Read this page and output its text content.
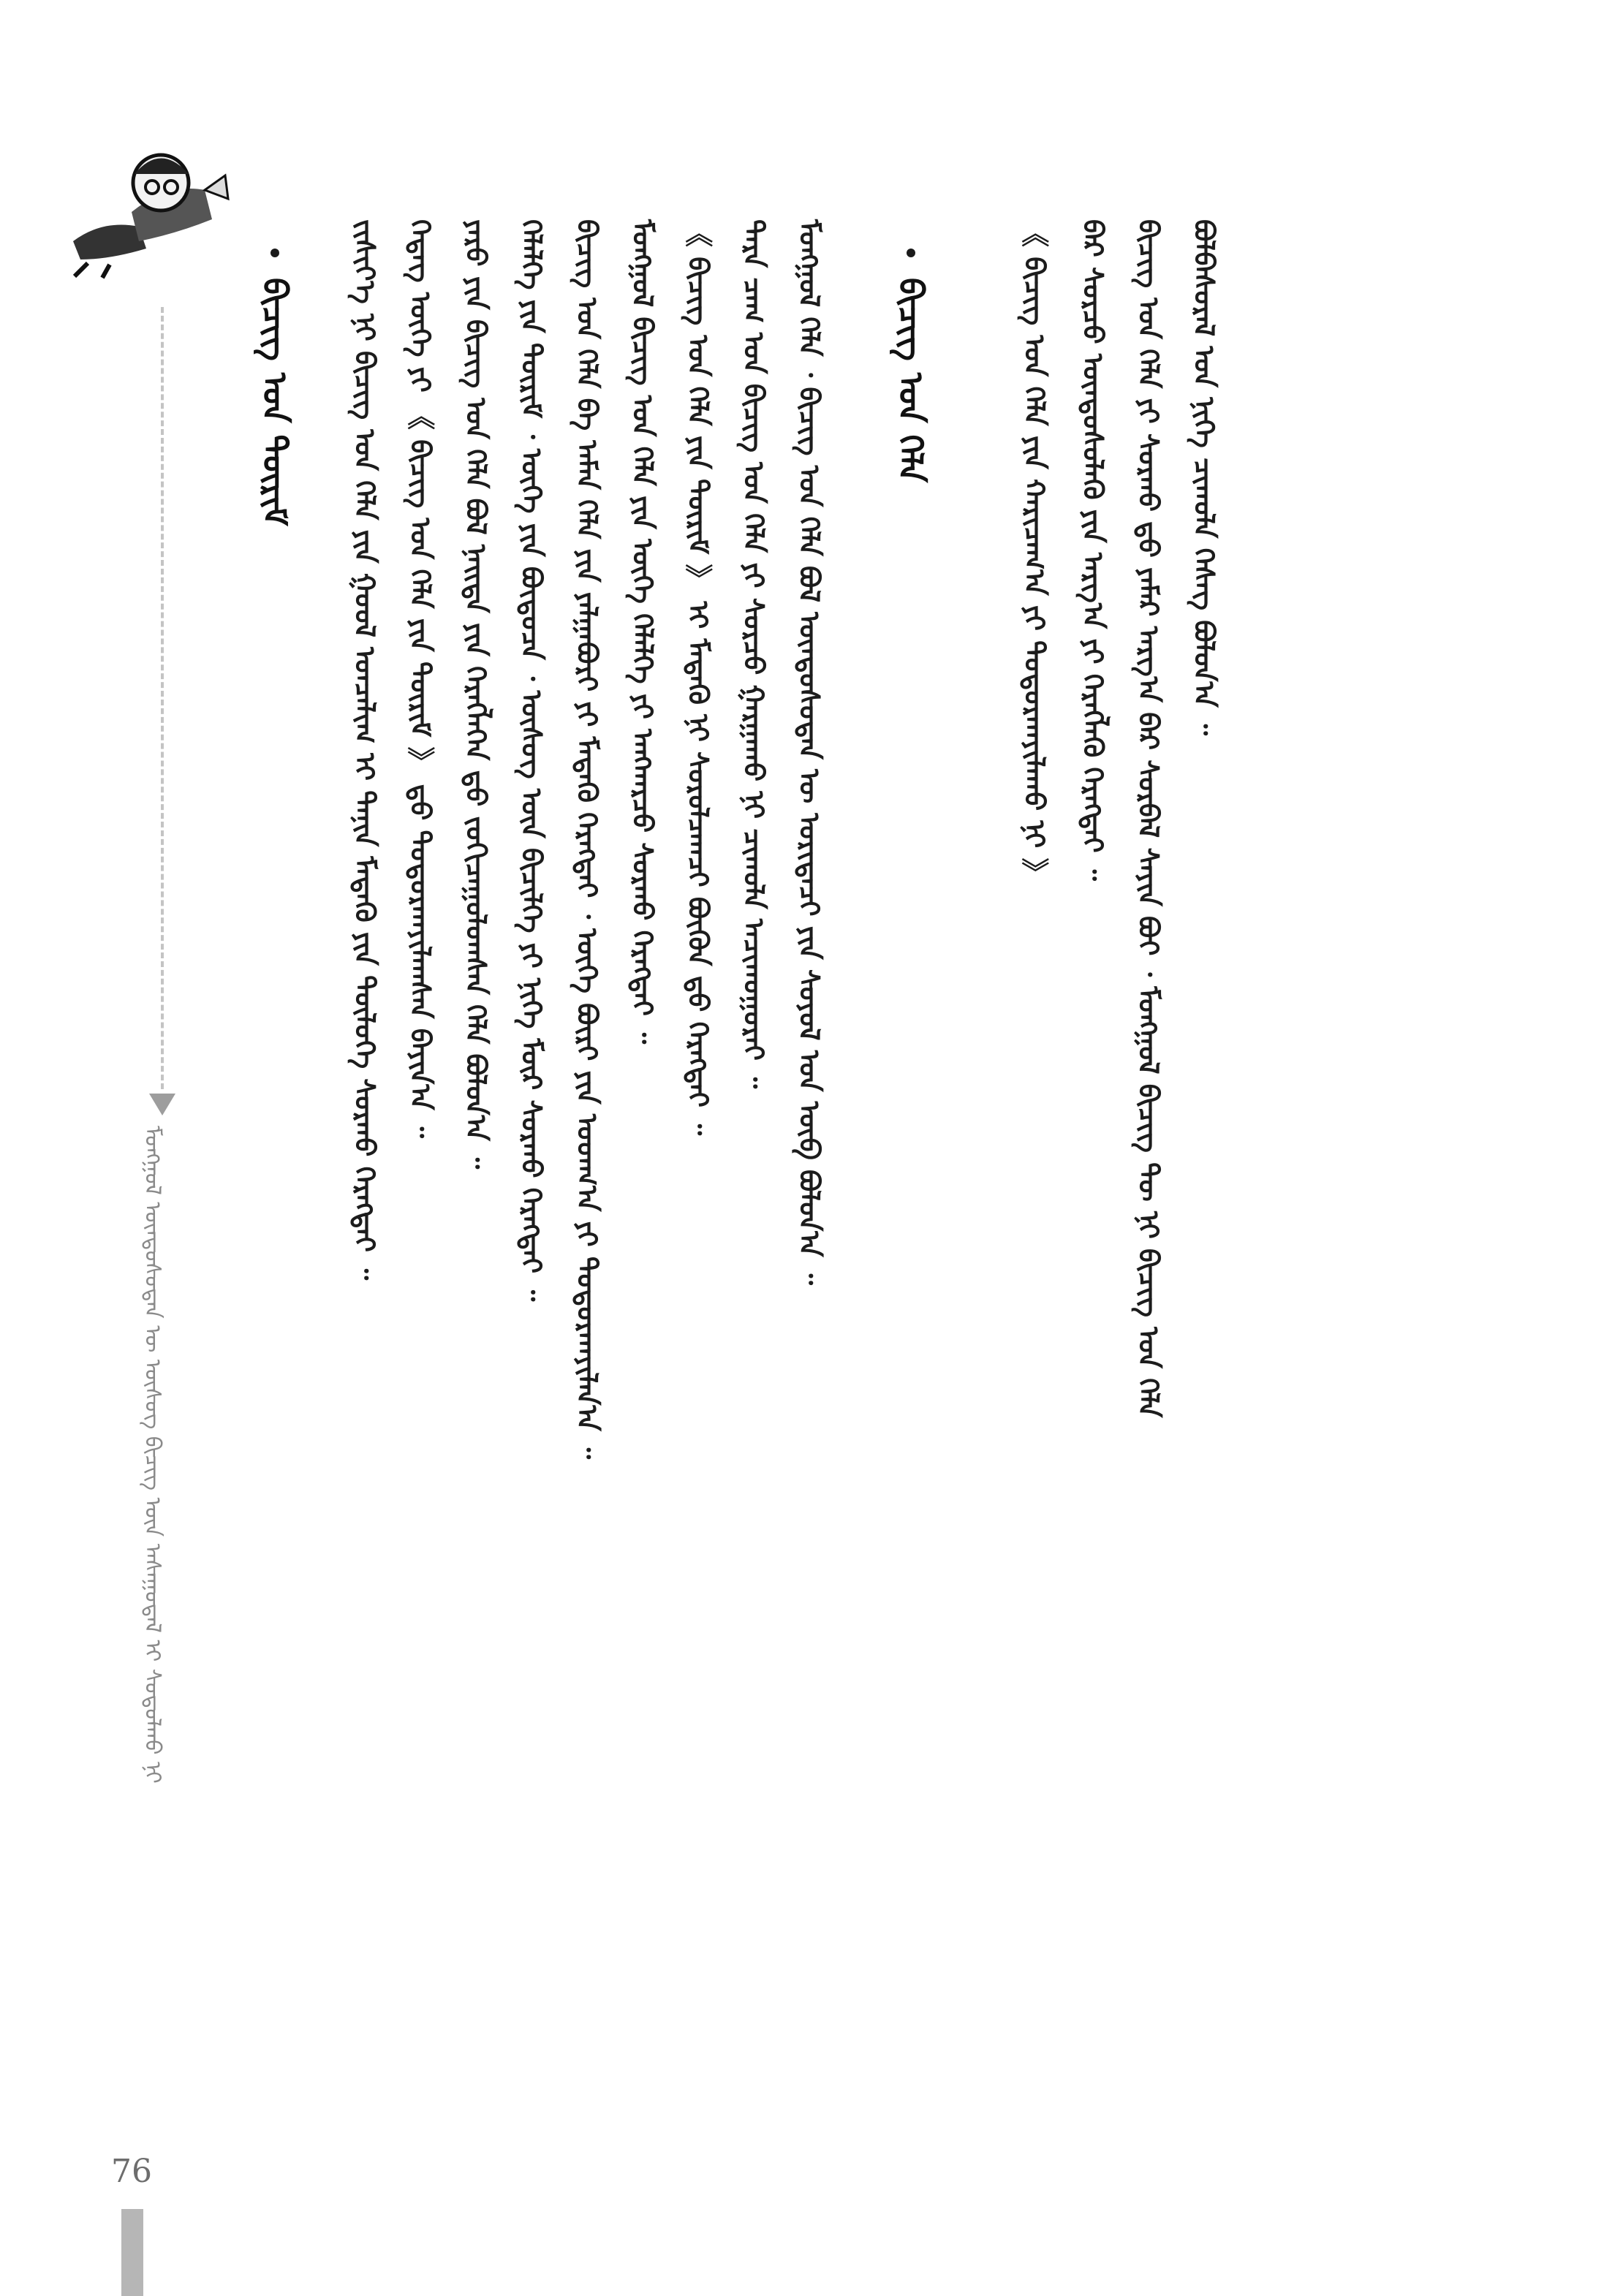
ᠮᠣᠩᠭᠣᠯ ᠦᠨᠳᠦᠰᠦᠲᠡᠨ ᠦ ᠦᠰᠦᠭ ᠪᠢᠴᠢᠭ ᠦᠨ ᠠᠰᠠᠭᠤᠳᠠᠯ ᠢ ᠰᠤᠳᠤᠯᠬᠤ ᠨᠢ
ᠪᠢᠴᠢᠭ ᠤᠨ ᠳᠦᠷᠢᠮ	ᠵᠢᠱᠢᠶ᠎ᠡ ᠨᠢ ᠪᠢᠴᠢᠭ ᠤᠨ ᠬᠡᠯᠡ ᠶᠢᠨ ᠭᠣᠣᠯ ᠣᠨᠴᠠᠯᠢᠭ ᠢ ᠲᠠᠨᠢᠨ ᠮᠡᠳᠡᠬᠦ ᠶᠢᠨ ᠲᠥᠯᠦᠭᠡ ᠰᠤᠷᠬᠤ ᠬᠡᠷᠡᠭᠲᠡᠢ ᠃ ᠭᠡᠳᠡᠭ ᠦᠭᠡ ᠶᠢ 《 ᠪᠢᠴᠢᠭ ᠤᠨ ᠬᠡᠯᠡ ᠶᠢᠨ ᠳᠦᠷᠢᠮ 》 ᠳ᠋ᠦ ᠲᠣᠳᠣᠷᠬᠠᠶᠢᠯᠠᠭᠰᠠᠨ ᠪᠠᠶᠢᠨ᠎ᠠ ᠃ ᠶᠡᠷᠦ ᠶᠢᠨ ᠪᠢᠴᠢᠭ ᠤᠨ ᠬᠡᠯᠡ ᠪᠣᠯ ᠨᠡᠢᠲᠡ ᠶᠢᠨ ᠬᠡᠷᠡᠭᠯᠡᠭᠡᠨ ᠳ᠋ᠦ ᠵᠣᠬᠢᠴᠠᠭᠤᠯᠤᠭᠰᠠᠨ ᠬᠡᠯᠡ ᠪᠣᠯᠤᠨ᠎ᠠ ᠃ ᠬᠡᠯᠡᠯᠭᠡ ᠶᠢᠨ ᠳᠦᠷᠢᠮ ᠂ ᠦᠭᠡ ᠶᠢᠨ ᠪᠦᠲᠦᠴᠡ ᠂ ᠦᠰᠦᠭ ᠦᠨ ᠪᠢᠴᠢᠯᠭᠡ ᠶᠢ ᠨᠢᠭᠡ ᠮᠦᠷ ᠰᠤᠷᠬᠤ ᠬᠡᠷᠡᠭᠲᠡᠢ ᠃ ᠪᠢᠴᠢᠭ ᠤᠨ ᠬᠡᠯᠡ ᠪᠠ ᠠᠮᠠᠨ ᠬᠡᠯᠡ ᠶᠢᠨ ᠶᠠᠯᠭᠠᠪᠤᠷᠢ ᠶᠢ ᠮᠡᠳᠡᠬᠦ ᠬᠡᠷᠡᠭᠲᠡᠢ ᠂ ᠦᠭᠡ ᠪᠦᠷᠢ ᠶᠢᠨ ᠤᠳᠬ᠎ᠠ ᠶᠢ ᠲᠣᠳᠣᠷᠬᠠᠶᠢᠯᠠᠨ᠎ᠠ ᠃ ᠮᠣᠩᠭᠣᠯ ᠪᠢᠴᠢᠭ ᠤᠨ ᠬᠡᠯᠡ ᠶᠢᠨ ᠦᠭᠡ ᠬᠡᠯᠡᠯᠭᠡ ᠶᠢ ᠠᠩᠬᠠᠷᠴᠤ ᠰᠤᠷᠬᠤ ᠬᠡᠷᠡᠭᠲᠡᠢ ᠃ 《 ᠪᠢᠴᠢᠭ ᠤᠨ ᠬᠡᠯᠡ ᠶᠢᠨ ᠳᠦᠷᠢᠮ 》 ᠢ ᠮᠡᠳᠡᠬᠦ ᠨᠢ ᠰᠤᠷᠤᠯᠴᠠᠭᠴᠢ ᠪᠦᠬᠦᠨ ᠳ᠋ᠦ ᠬᠡᠷᠡᠭᠲᠡᠢ ᠃ ᠲᠡᠷᠡ ᠴᠠᠭ ᠤᠨ ᠪᠢᠴᠢᠭ ᠤᠨ ᠬᠡᠯᠡ ᠶᠢ ᠰᠤᠷᠴᠤ ᠭᠠᠷᠭᠠᠬᠤ ᠨᠢ ᠴᠢᠬᠤᠯᠠ ᠠᠴᠢᠬᠤᠭᠤᠷᠠᠢ ᠃ ᠮᠣᠩᠭᠣᠯ ᠬᠡᠯᠡ ᠂ ᠪᠢᠴᠢᠭ ᠤᠨ ᠬᠡᠯᠡ ᠪᠣᠯ ᠦᠨᠳᠦᠰᠦᠲᠡᠨ ᠦ ᠤᠷᠢᠳᠠᠴᠢ ᠶᠢᠨ ᠰᠣᠶᠣᠯ ᠤᠨ ᠦᠪ ᠪᠣᠯᠤᠨ᠎ᠠ ᠃ ᠪᠢᠴᠢᠭ ᠤᠨ ᠬᠡᠯᠡ	《 ᠪᠢᠴᠢᠭ ᠤᠨ ᠬᠡᠯᠡ ᠶᠢᠨ ᠬᠠᠷᠢᠴᠠᠭ᠎ᠠ ᠶᠢ ᠲᠣᠳᠣᠷᠬᠠᠶᠢᠯᠠᠬᠤ ᠨᠢ 》 ᠪᠠᠷ ᠰᠤᠷᠴᠤ ᠦᠨᠳᠦᠰᠦᠯᠡᠭᠦ ᠶᠢᠨ ᠠᠷᠭ᠎ᠠ ᠶᠢ ᠬᠡᠷᠡᠭᠯᠡᠬᠦ ᠬᠡᠷᠡᠭᠲᠡᠢ ᠃ ᠪᠢᠴᠢᠭ ᠤᠨ ᠬᠡᠯᠡ ᠶᠢ ᠰᠤᠷᠬᠤ ᠳ᠋ᠤ ᠶᠠᠮᠠᠷ ᠠᠷᠭ᠎ᠠ ᠪᠠᠷ ᠰᠤᠷᠪᠠᠯ ᠰᠠᠶᠢᠨ ᠪᠤᠢ ᠂ ᠮᠣᠩᠭᠣᠯ ᠪᠢᠴᠢᠭ ᠲᠦ ᠨᠢ ᠪᠢᠴᠢᠭ ᠤᠨ ᠬᠡᠯᠡ ᠪᠣᠯᠪᠠᠰᠤᠷᠠᠯ ᠤᠨ ᠨᠢᠭᠡ ᠴᠢᠬᠤᠯᠠ ᠬᠡᠰᠡᠭ ᠪᠣᠯᠤᠨ᠎ᠠ ᠃
76
